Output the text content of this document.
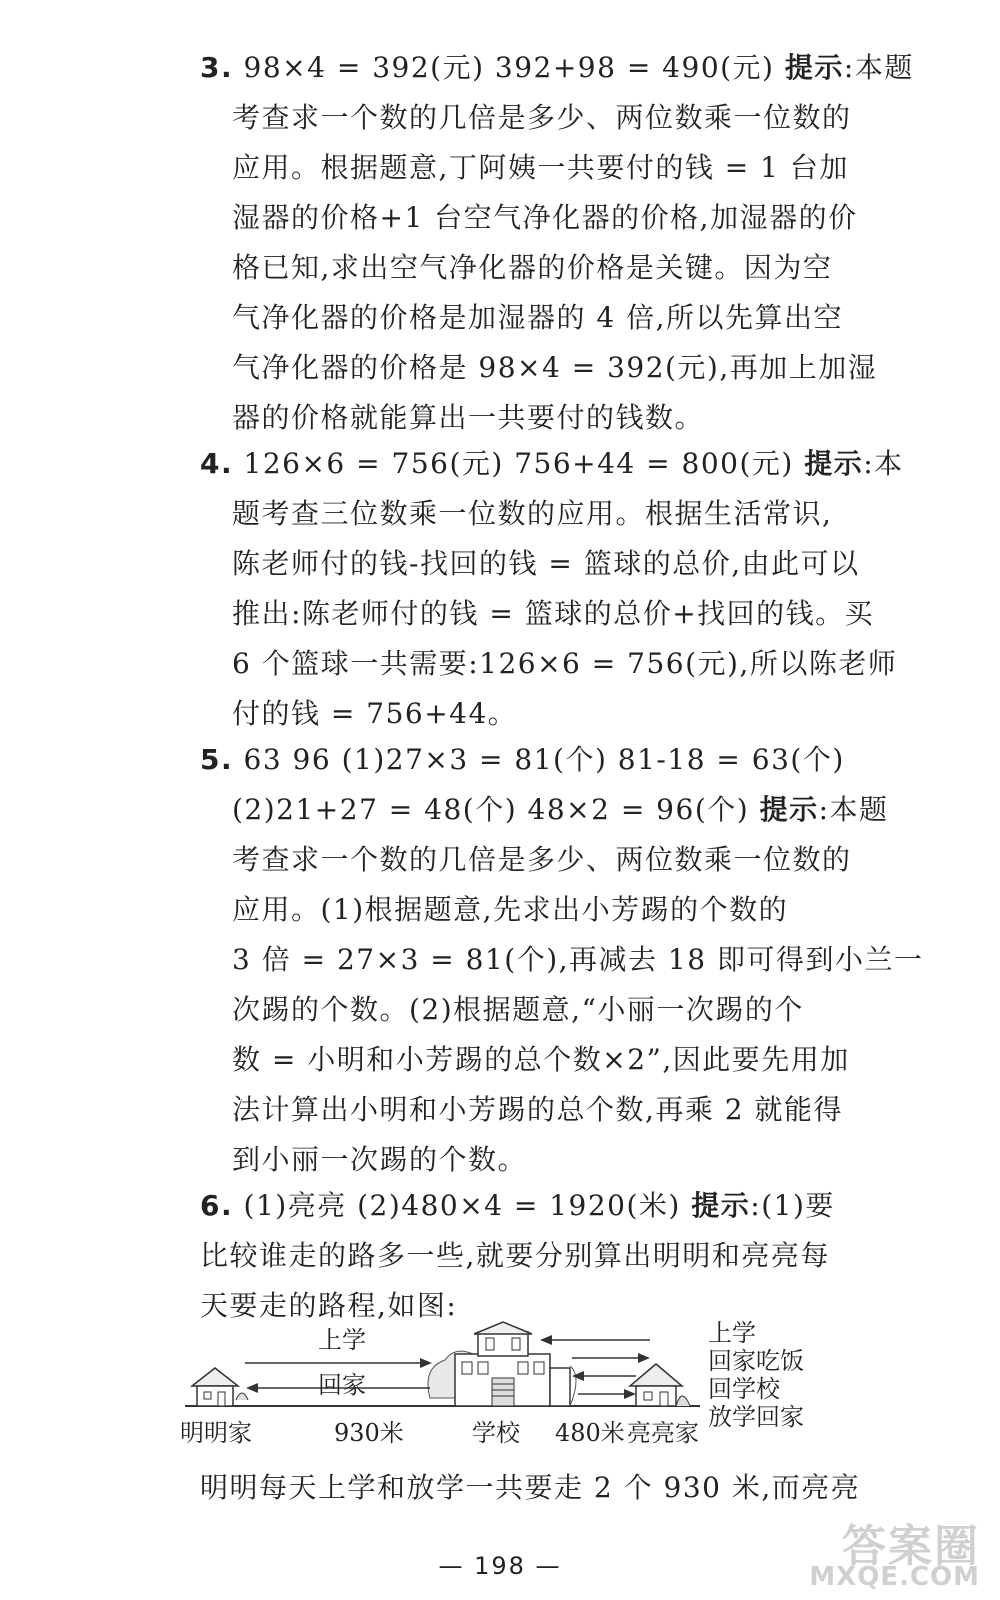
3. 98×4 = 392(元) 392+98 = 490(元) 提示:本题
考查求一个数的几倍是多少、两位数乘一位数的
应用。根据题意,丁阿姨一共要付的钱 = 1 台加
湿器的价格+1 台空气净化器的价格,加湿器的价
格已知,求出空气净化器的价格是关键。因为空
气净化器的价格是加湿器的 4 倍,所以先算出空
气净化器的价格是 98×4 = 392(元),再加上加湿
器的价格就能算出一共要付的钱数。
4. 126×6 = 756(元) 756+44 = 800(元) 提示:本
题考查三位数乘一位数的应用。根据生活常识,
陈老师付的钱-找回的钱 = 篮球的总价,由此可以
推出:陈老师付的钱 = 篮球的总价+找回的钱。买
6 个篮球一共需要:126×6 = 756(元),所以陈老师
付的钱 = 756+44。
5. 63 96 (1)27×3 = 81(个) 81-18 = 63(个)
(2)21+27 = 48(个) 48×2 = 96(个) 提示:本题
考查求一个数的几倍是多少、两位数乘一位数的
应用。(1)根据题意,先求出小芳踢的个数的
3 倍 = 27×3 = 81(个),再减去 18 即可得到小兰一
次踢的个数。(2)根据题意,“小丽一次踢的个
数 = 小明和小芳踢的总个数×2”,因此要先用加
法计算出小明和小芳踢的总个数,再乘 2 就能得
到小丽一次踢的个数。
6. (1)亮亮 (2)480×4 = 1920(米) 提示:(1)要
比较谁走的路多一些,就要分别算出明明和亮亮每
天要走的路程,如图:
明明每天上学和放学一共要走 2 个 930 米,而亮亮
上学
回家
明明家	930米	学校 480米 亮亮家
上学
回家吃饭
回学校
放学回家
— 198 —	答案圈
MXQE.COM
